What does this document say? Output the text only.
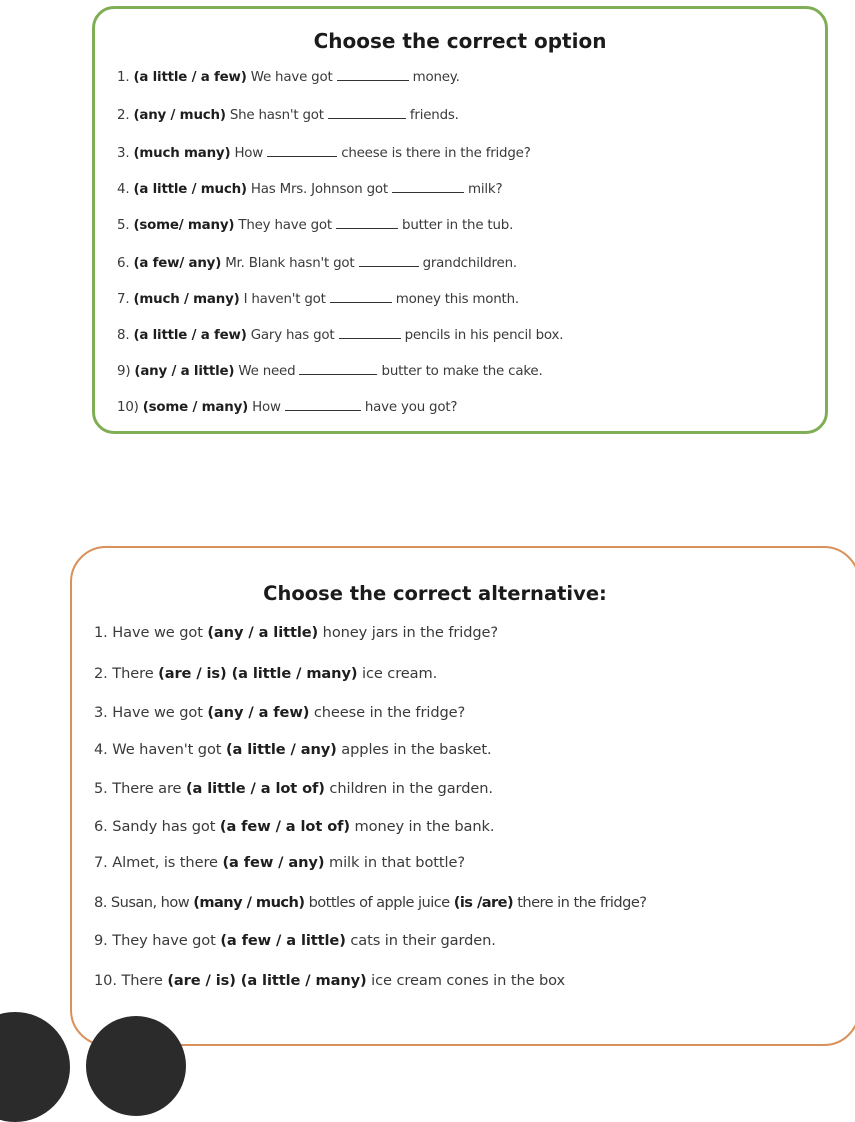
Choose the correct option
1. (a little / a few) We have got	money.
2. (any / much) She hasn't got	friends.
3. (much many) How	cheese is there in the fridge?
4. (a little / much) Has Mrs. Johnson got	milk?
5. (some/ many) They have got	butter in the tub.
6. (a few/ any) Mr. Blank hasn't got	grandchildren.
7. (much / many) I haven't got	money this month.
8. (a little / a few) Gary has got	pencils in his pencil box.
9) (any / a little) We need	butter to make the cake.
10) (some / many) How	have you got?
Choose the correct alternative:
1. Have we got (any / a little) honey jars in the fridge?
2. There (are / is) (a little / many) ice cream.
3. Have we got (any / a few) cheese in the fridge?
4. We haven't got (a little / any) apples in the basket.
5. There are (a little / a lot of) children in the garden.
6. Sandy has got (a few / a lot of) money in the bank.
7. Almet, is there (a few / any) milk in that bottle?
8. Susan, how (many / much) bottles of apple juice (is /are) there in the fridge?
9. They have got (a few / a little) cats in their garden.
10. There (are / is) (a little / many) ice cream cones in the box
